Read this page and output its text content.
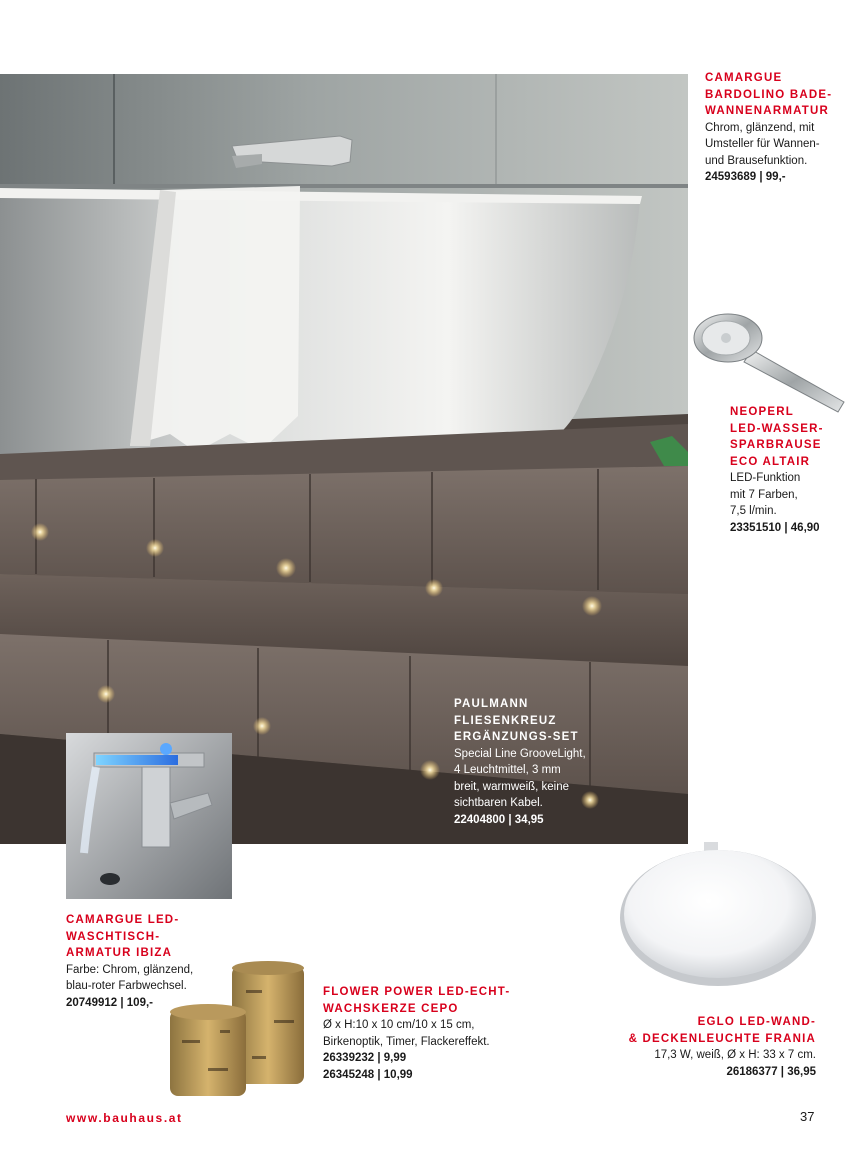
CAMARGUE
BARDOLINO BADE-
WANNENARMATUR
Chrom, glänzend, mit
Umsteller für Wannen-
und Brausefunktion.
24593689 | 99,-
NEOPERL
LED-WASSER-
SPARBRAUSE
ECO ALTAIR
LED-Funktion
mit 7 Farben,
7,5 l/min.
23351510 | 46,90
PAULMANN
FLIESENKREUZ
ERGÄNZUNGS-SET
Special Line GrooveLight,
4 Leuchtmittel, 3 mm
breit, warmweiß, keine
sichtbaren Kabel.
22404800 | 34,95
CAMARGUE LED-
WASCHTISCH-
ARMATUR IBIZA
Farbe: Chrom, glänzend,
blau-roter Farbwechsel.
20749912 | 109,-
FLOWER POWER LED-ECHT-
WACHSKERZE CEPO
Ø x H:10 x 10 cm/10 x 15 cm,
Birkenoptik, Timer, Flackereffekt.
26339232 | 9,99
26345248 | 10,99
EGLO LED-WAND-
& DECKENLEUCHTE FRANIA
17,3 W, weiß, Ø x H: 33 x 7 cm.
26186377 | 36,95
www.bauhaus.at	37
